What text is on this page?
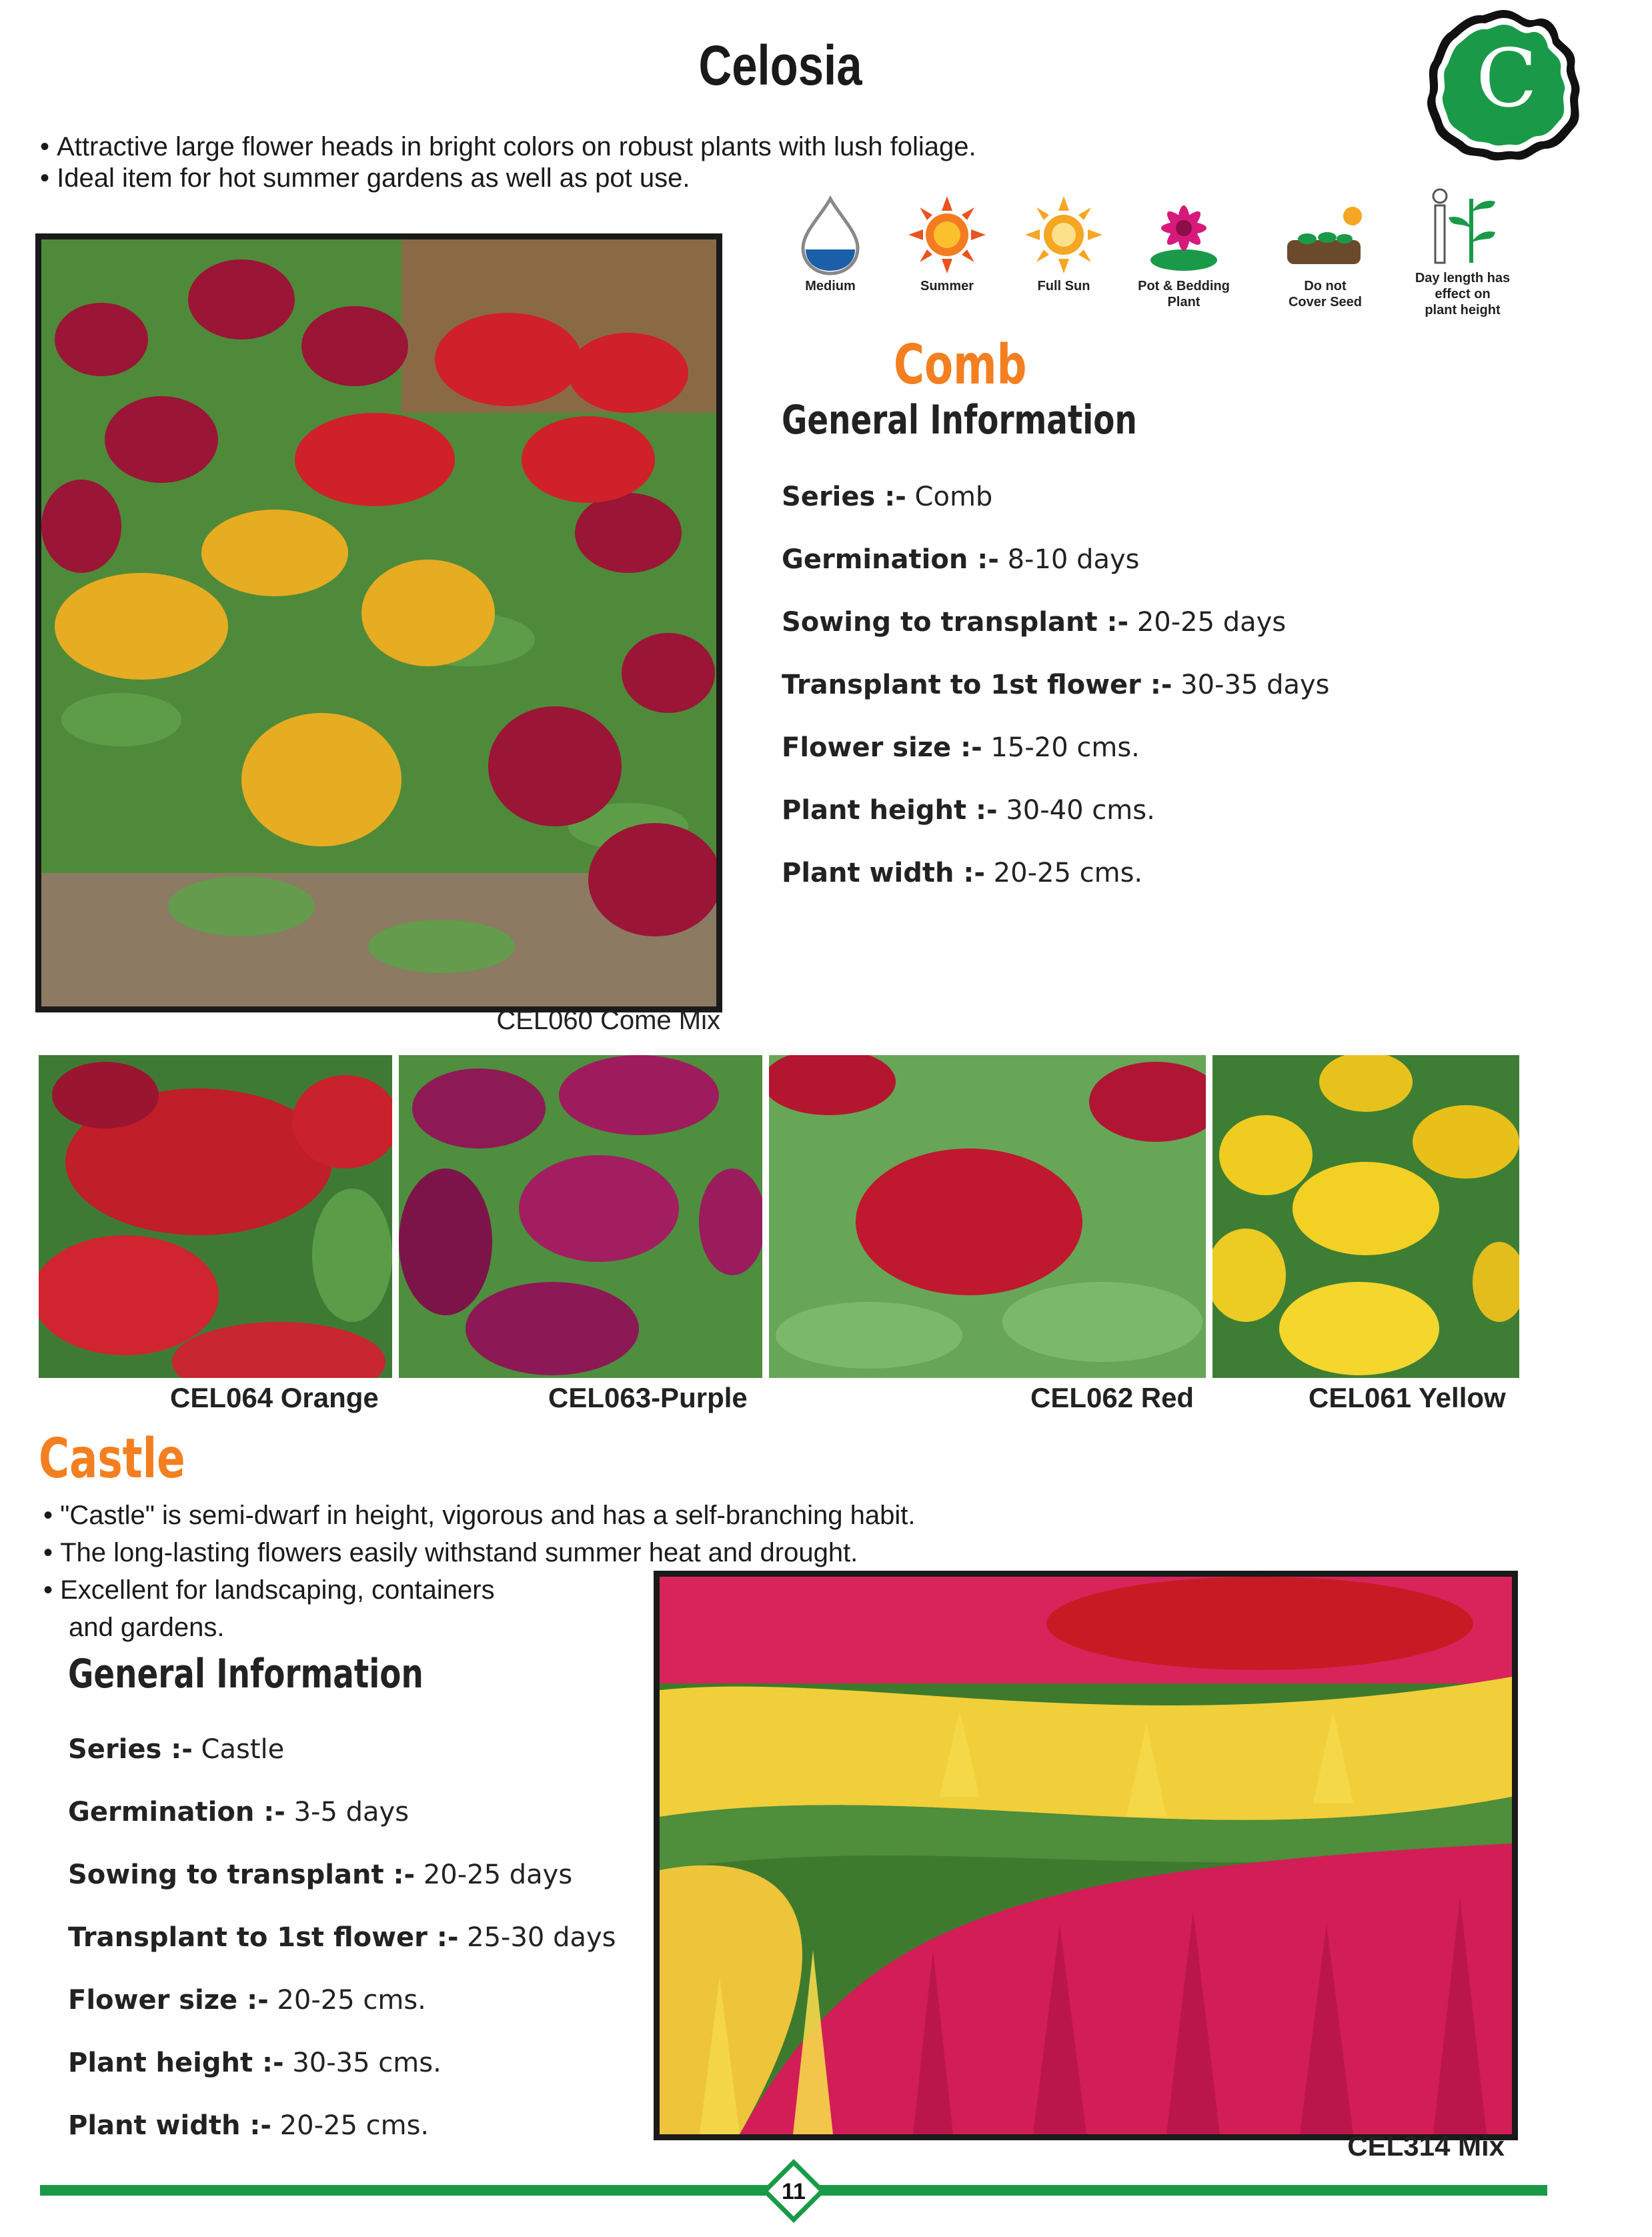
Celosia	C
• Attractive large flower heads in bright colors on robust plants with lush foliage.
• Ideal item for hot summer gardens as well as pot use.
CEL060 Come Mix
Medium	Summer	Full Sun	Pot & Bedding
Plant
Do not
Cover Seed
Day length has
effect on
plant height
Comb
General Information
Series :- Comb
Germination :- 8-10 days
Sowing to transplant :- 20-25 days
Transplant to 1st flower :- 30-35 days
Flower size :- 15-20 cms.
Plant height :- 30-40 cms.
Plant width :- 20-25 cms.
CEL064 Orange	CEL063-Purple	CEL062 Red	CEL061 Yellow
Castle
• "Castle" is semi-dwarf in height, vigorous and has a self-branching habit.
• The long-lasting flowers easily withstand summer heat and drought.
• Excellent for landscaping, containers
and gardens.
General Information
Series :- Castle
Germination :- 3-5 days
Sowing to transplant :- 20-25 days
Transplant to 1st flower :- 25-30 days
Flower size :- 20-25 cms.
Plant height :- 30-35 cms.
Plant width :- 20-25 cms.
CEL314 Mix
11
